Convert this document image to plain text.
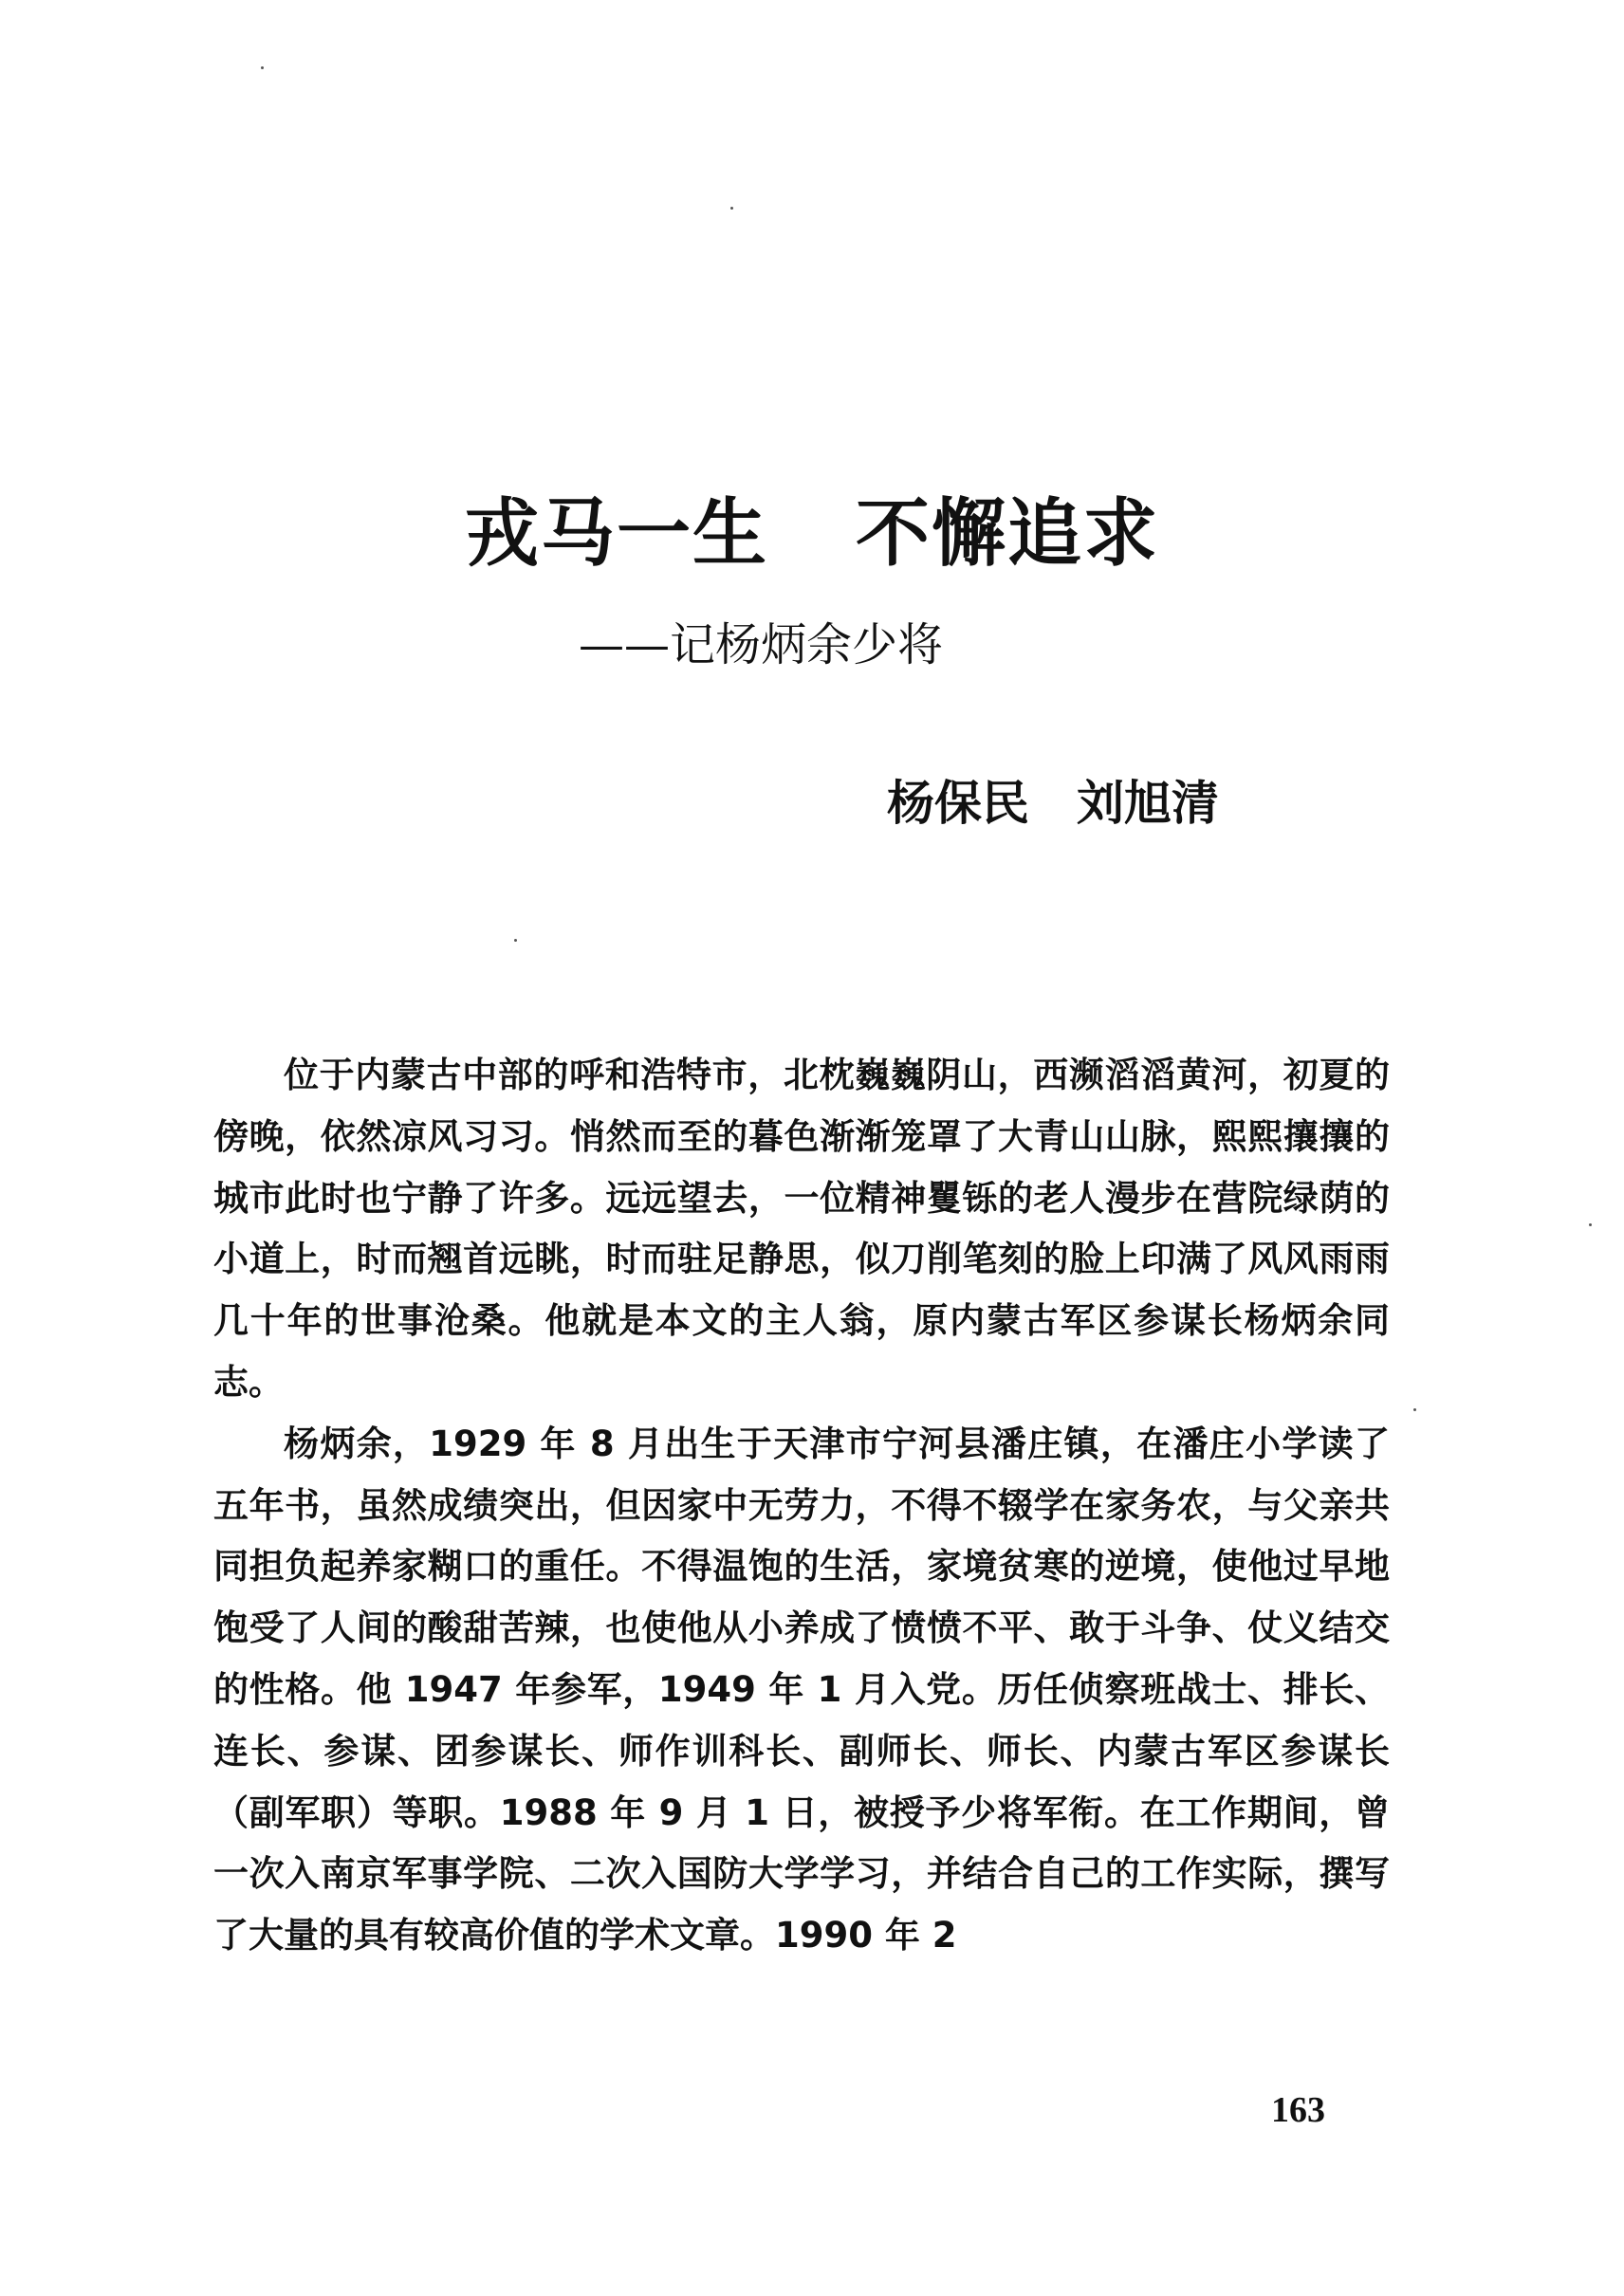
戎马一生 不懈追求
——记杨炳余少将
杨保民 刘旭清

位于内蒙古中部的呼和浩特市，北枕巍巍阴山，西濒滔滔黄河，初夏的傍晚，依然凉风习习。悄然而至的暮色渐渐笼罩了大青山山脉，熙熙攘攘的城市此时也宁静了许多。远远望去，一位精神矍铄的老人漫步在营院绿荫的小道上，时而翘首远眺，时而驻足静思，似刀削笔刻的脸上印满了风风雨雨几十年的世事沧桑。他就是本文的主人翁，原内蒙古军区参谋长杨炳余同志。

杨炳余，1929 年 8 月出生于天津市宁河县潘庄镇，在潘庄小学读了五年书，虽然成绩突出，但因家中无劳力，不得不辍学在家务农，与父亲共同担负起养家糊口的重任。不得温饱的生活，家境贫寒的逆境，使他过早地饱受了人间的酸甜苦辣，也使他从小养成了愤愤不平、敢于斗争、仗义结交的性格。他 1947 年参军，1949 年 1 月入党。历任侦察班战士、排长、连长、参谋、团参谋长、师作训科长、副师长、师长、内蒙古军区参谋长（副军职）等职。1988 年 9 月 1 日，被授予少将军衔。在工作期间，曾一次入南京军事学院、二次入国防大学学习，并结合自己的工作实际，撰写了大量的具有较高价值的学术文章。1990 年 2

163
